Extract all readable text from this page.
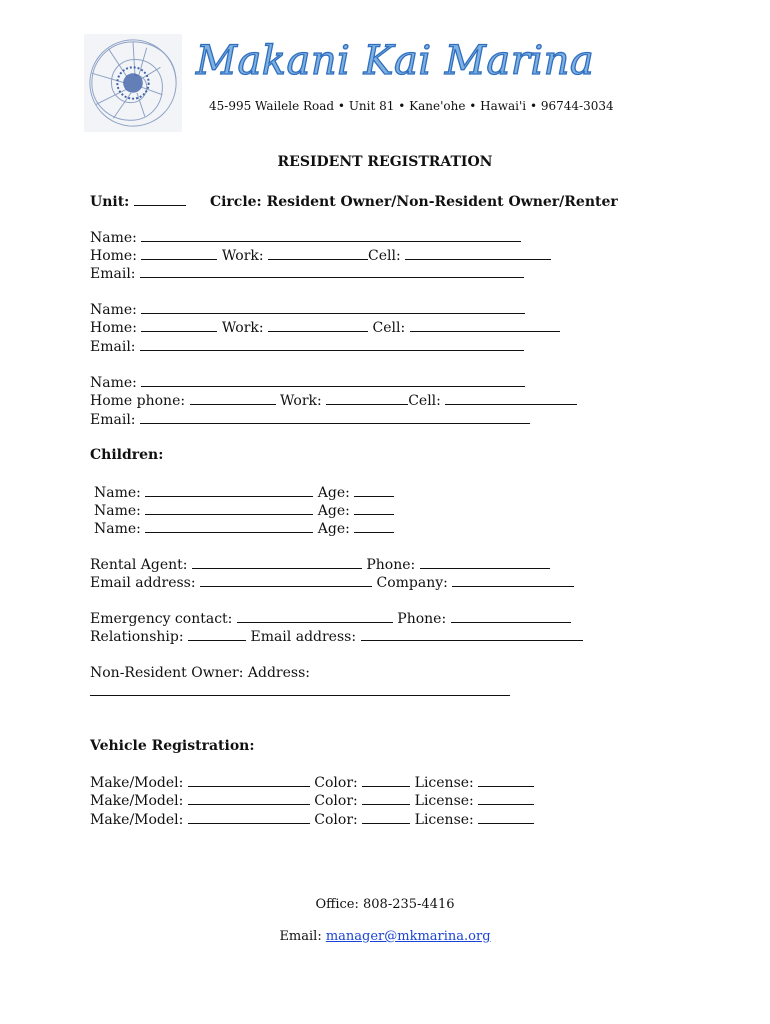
Makani Kai Marina
45-995 Wailele Road • Unit 81 • Kane'ohe • Hawai'i • 96744-3034
RESIDENT REGISTRATION
Unit:	Circle: Resident Owner/Non-Resident Owner/Renter
Name:
Home:	Work:	Cell:
Email:
Name:
Home:	Work:	Cell:
Email:
Name:
Home phone:	Work:	Cell:
Email:
Children:
Name:	Age:
Name:	Age:
Name:	Age:
Rental Agent:	Phone:
Email address:	Company:
Emergency contact:	Phone:
Relationship:	Email address:
Non-Resident Owner: Address:
Vehicle Registration:
Make/Model:	Color:	License:
Make/Model:	Color:	License:
Make/Model:	Color:	License:
Office: 808-235-4416
Email: manager@mkmarina.org
